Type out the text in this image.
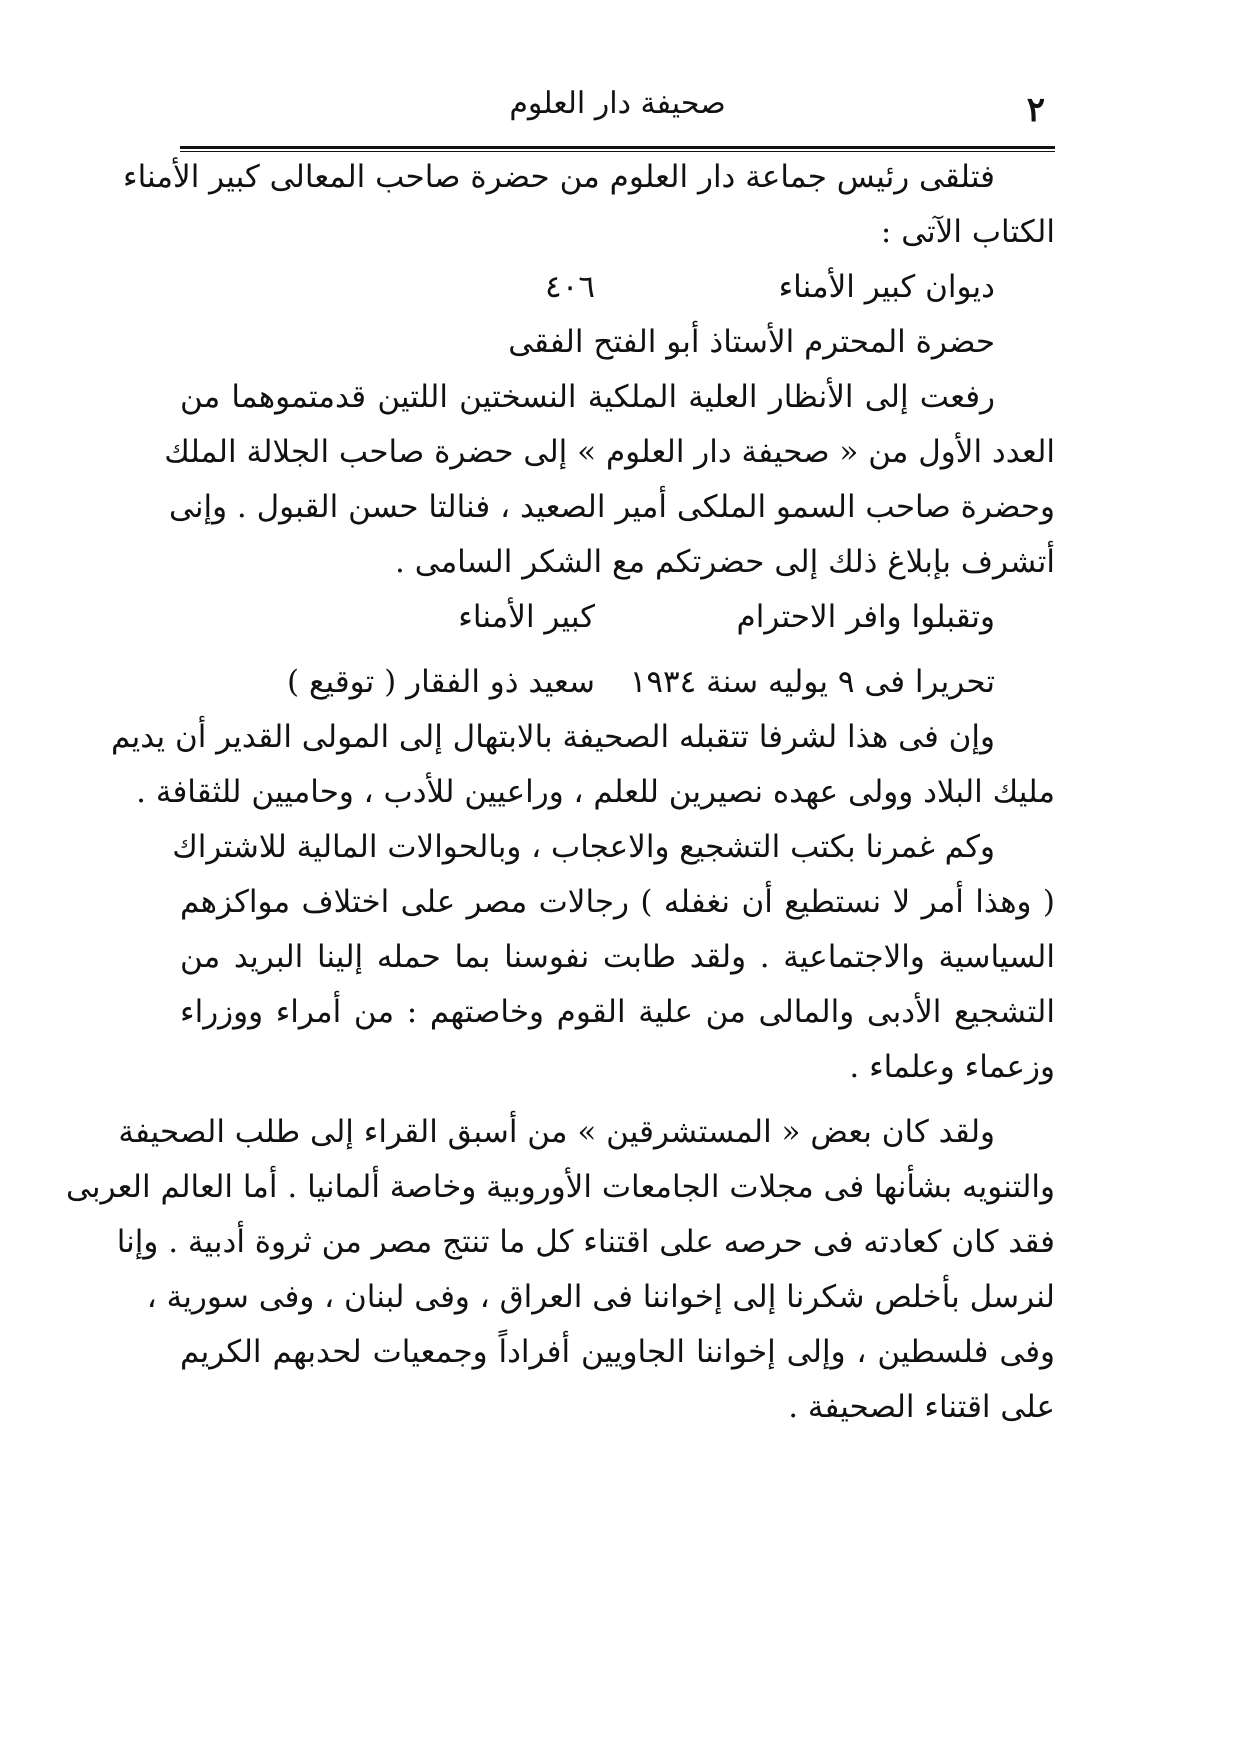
٢
صحيفة دار العلوم
فتلقى رئيس جماعة دار العلوم من حضرة صاحب المعالى كبير الأمناء
الكتاب الآتى :
ديوان كبير الأمناء
٤٠٦
حضرة المحترم الأستاذ أبو الفتح الفقى
رفعت إلى الأنظار العلية الملكية النسختين اللتين قدمتموهما من
العدد الأول من « صحيفة دار العلوم » إلى حضرة صاحب الجلالة الملك
وحضرة صاحب السمو الملكى أمير الصعيد ، فنالتا حسن القبول . وإنى
أتشرف بإبلاغ ذلك إلى حضرتكم مع الشكر السامى .
وتقبلوا وافر الاحترام
كبير الأمناء
تحريرا فى ٩ يوليه سنة ١٩٣٤
سعيد ذو الفقار ( توقيع )
وإن فى هذا لشرفا تتقبله الصحيفة بالابتهال إلى المولى القدير أن يديم
مليك البلاد وولى عهده نصيرين للعلم ، وراعيين للأدب ، وحاميين للثقافة .
وكم غمرنا بكتب التشجيع والاعجاب ، وبالحوالات المالية للاشتراك
( وهذا أمر لا نستطيع أن نغفله ) رجالات مصر على اختلاف مواكزهم
السياسية والاجتماعية . ولقد طابت نفوسنا بما حمله إلينا البريد من
التشجيع الأدبى والمالى من علية القوم وخاصتهم : من أمراء ووزراء
وزعماء وعلماء .
ولقد كان بعض « المستشرقين » من أسبق القراء إلى طلب الصحيفة
والتنويه بشأنها فى مجلات الجامعات الأوروبية وخاصة ألمانيا . أما العالم العربى
فقد كان كعادته فى حرصه على اقتناء كل ما تنتج مصر من ثروة أدبية . وإنا
لنرسل بأخلص شكرنا إلى إخواننا فى العراق ، وفى لبنان ، وفى سورية ،
وفى فلسطين ، وإلى إخواننا الجاويين أفراداً وجمعيات لحدبهم الكريم
على اقتناء الصحيفة .
